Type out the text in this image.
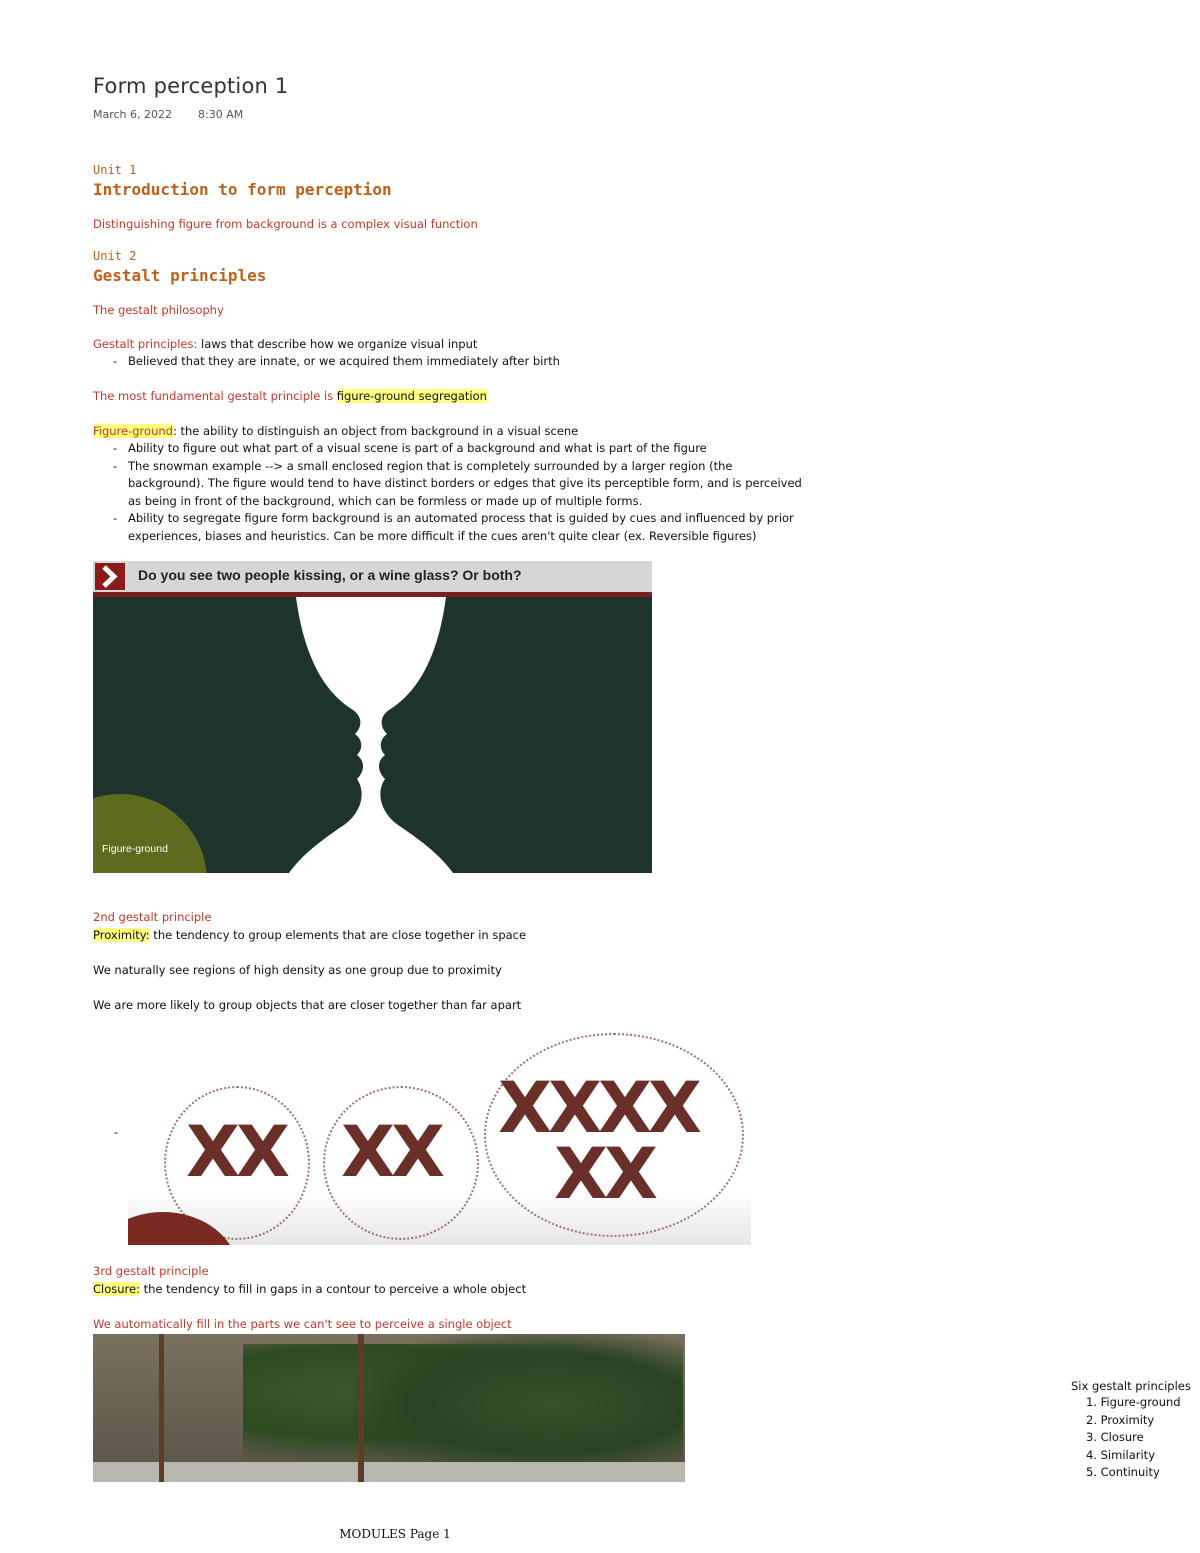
Form perception 1
March 6, 2022 8:30 AM
Unit 1
Introduction to form perception
Distinguishing figure from background is a complex visual function
Unit 2
Gestalt principles
The gestalt philosophy
Gestalt principles: laws that describe how we organize visual input
- Believed that they are innate, or we acquired them immediately after birth
The most fundamental gestalt principle is figure-ground segregation
Figure-ground: the ability to distinguish an object from background in a visual scene
- Ability to figure out what part of a visual scene is part of a background and what is part of the figure
- The snowman example --> a small enclosed region that is completely surrounded by a larger region (the background). The figure would tend to have distinct borders or edges that give its perceptible form, and is perceived as being in front of the background, which can be formless or made up of multiple forms.
- Ability to segregate figure form background is an automated process that is guided by cues and influenced by prior experiences, biases and heuristics. Can be more difficult if the cues aren't quite clear (ex. Reversible figures)
Do you see two people kissing, or a wine glass? Or both?
Figure-ground
2nd gestalt principle
Proximity: the tendency to group elements that are close together in space
We naturally see regions of high density as one group due to proximity
We are more likely to group objects that are closer together than far apart
- XX XX
XXXX
XX
3rd gestalt principle
Closure: the tendency to fill in gaps in a contour to perceive a whole object
We automatically fill in the parts we can't see to perceive a single object
Six gestalt principles
1. Figure-ground
2. Proximity
3. Closure
4. Similarity
5. Continuity
MODULES Page 1
